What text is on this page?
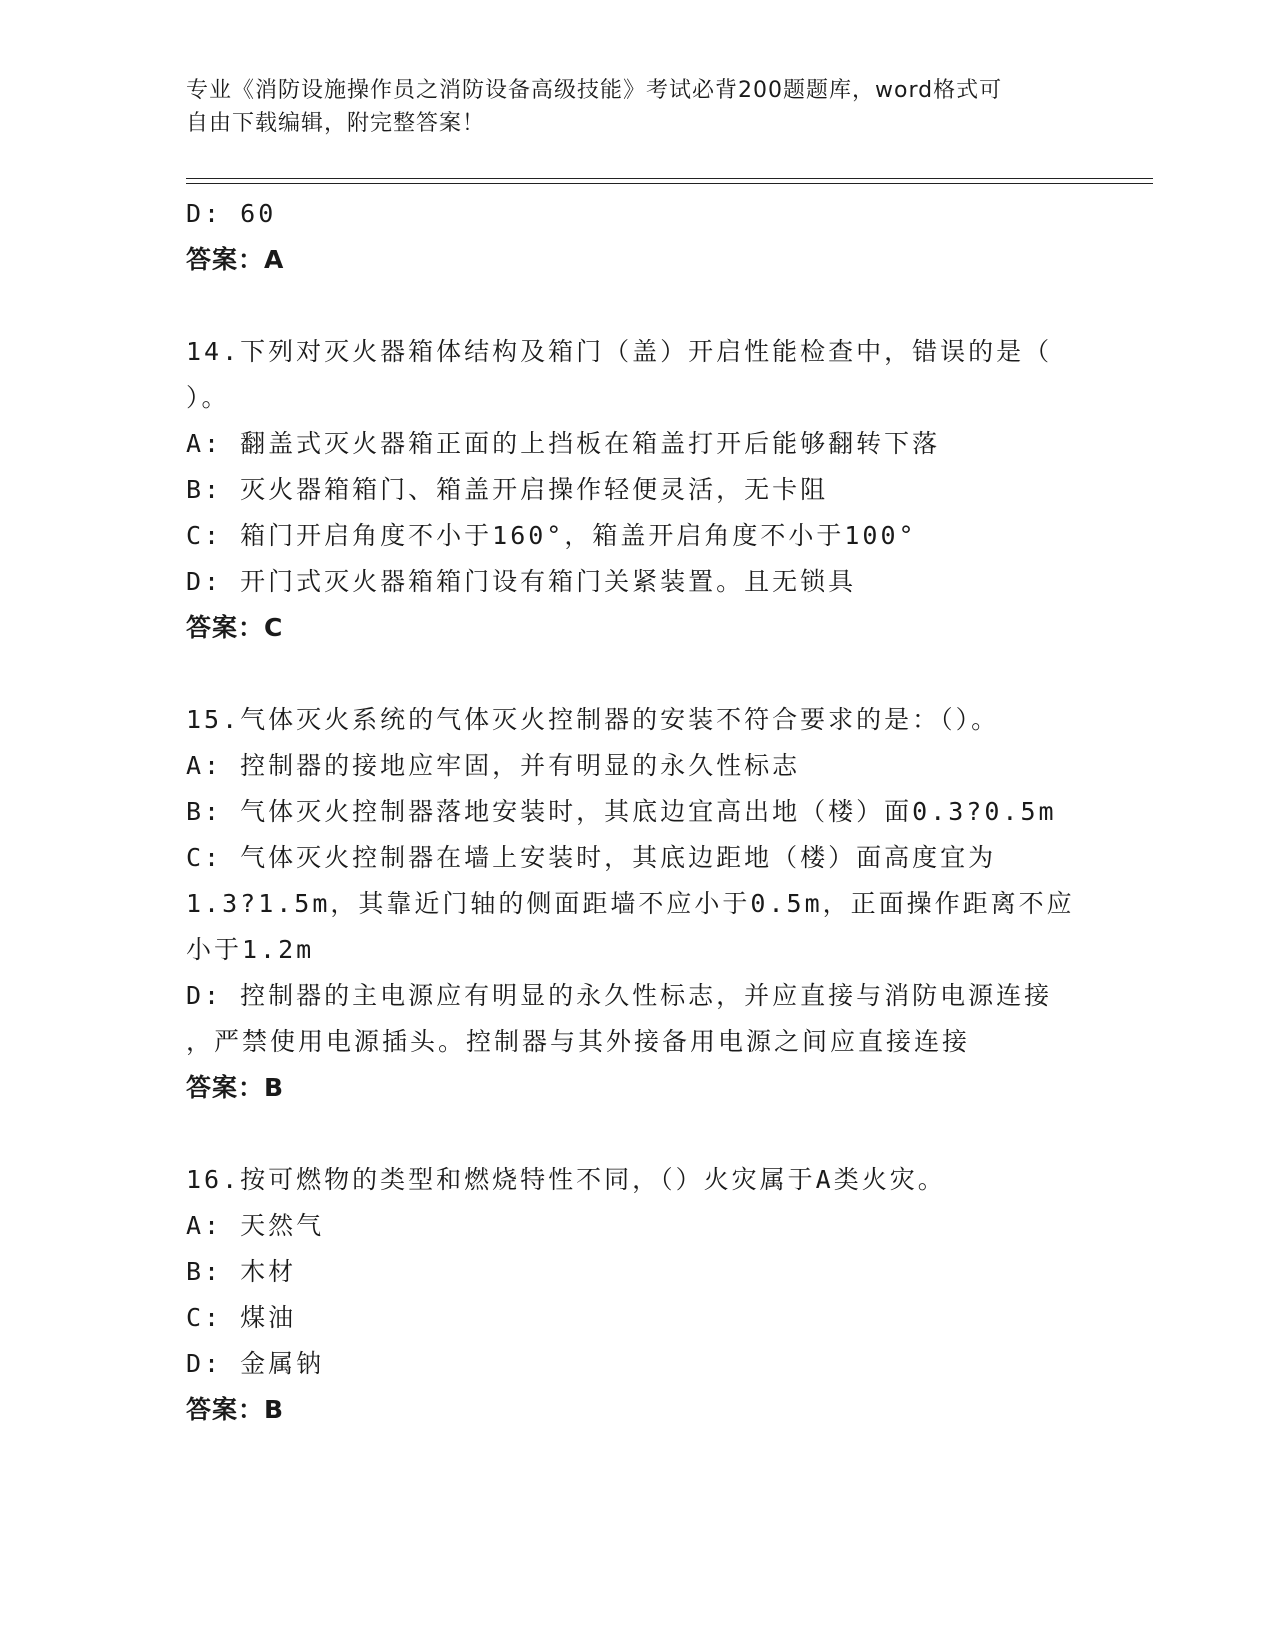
专业《消防设施操作员之消防设备高级技能》考试必背200题题库，word格式可
自由下载编辑，附完整答案！
D: 60
答案：A
14.下列对灭火器箱体结构及箱门（盖）开启性能检查中，错误的是（
）。
A: 翻盖式灭火器箱正面的上挡板在箱盖打开后能够翻转下落
B: 灭火器箱箱门、箱盖开启操作轻便灵活，无卡阻
C: 箱门开启角度不小于160°，箱盖开启角度不小于100°
D: 开门式灭火器箱箱门设有箱门关紧装置。且无锁具
答案：C
15.气体灭火系统的气体灭火控制器的安装不符合要求的是：（）。
A: 控制器的接地应牢固，并有明显的永久性标志
B: 气体灭火控制器落地安装时，其底边宜高出地（楼）面0.3?0.5m
C: 气体灭火控制器在墙上安装时，其底边距地（楼）面高度宜为
1.3?1.5m，其靠近门轴的侧面距墙不应小于0.5m，正面操作距离不应
小于1.2m
D: 控制器的主电源应有明显的永久性标志，并应直接与消防电源连接
，严禁使用电源插头。控制器与其外接备用电源之间应直接连接
答案：B
16.按可燃物的类型和燃烧特性不同，（）火灾属于A类火灾。
A: 天然气
B: 木材
C: 煤油
D: 金属钠
答案：B
